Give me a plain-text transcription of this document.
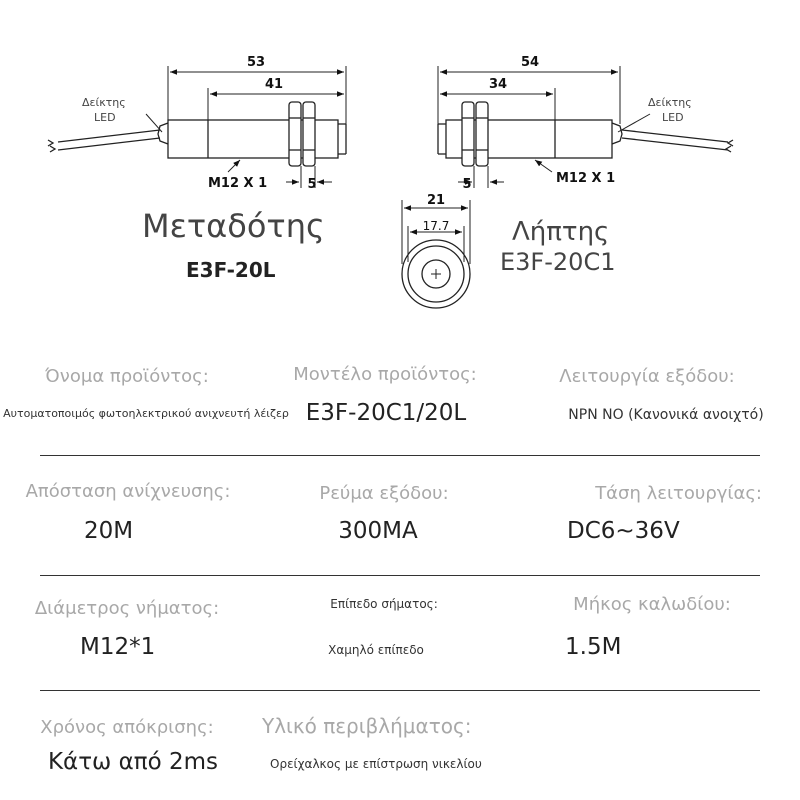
53
41
5
M12 X 1
Δείκτης
LED
Μεταδότης
E3F-20L
54
34
5	M12 X 1
Δείκτης
LED
Λήπτης
E3F-20C1
21
17.7
Όνομα προϊόντος:
Αυτοματοποιμός φωτοηλεκτρικού ανιχνευτή λέιζερ
Μοντέλο προϊόντος:
E3F-20C1/20L
Λειτουργία εξόδου:
NPN NO (Κανονικά ανοιχτό)
Απόσταση ανίχνευσης:
20M
Ρεύμα εξόδου:
300MA
Τάση λειτουργίας:
DC6~36V
Διάμετρος νήματος:
M12*1
Επίπεδο σήματος:
Χαμηλό επίπεδο
Μήκος καλωδίου:
1.5M
Χρόνος απόκρισης:
Κάτω από 2ms
Υλικό περιβλήματος:
Ορείχαλκος με επίστρωση νικελίου
